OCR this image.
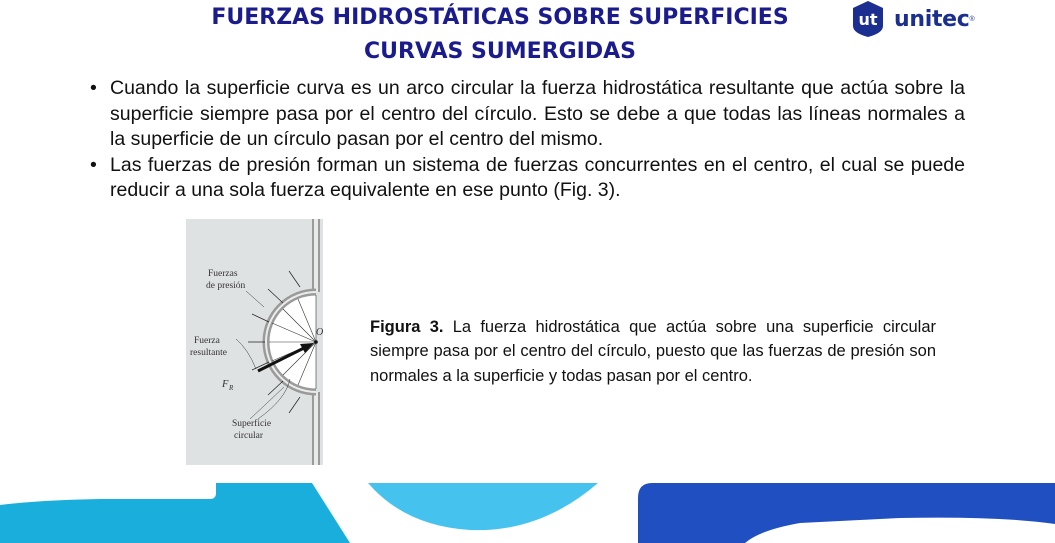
FUERZAS HIDROSTÁTICAS SOBRE SUPERFICIES
CURVAS SUMERGIDAS
ut unitec ®
• Cuando la superficie curva es un arco circular la fuerza hidrostática resultante que actúa sobre la superficie siempre pasa por el centro del círculo. Esto se debe a que todas las líneas normales a la superficie de un círculo pasan por el centro del mismo.
• Las fuerzas de presión forman un sistema de fuerzas concurrentes en el centro, el cual se puede reducir a una sola fuerza equivalente en ese punto (Fig. 3).
Fuerzas
de presión
Fuerza
resultante
F R
O
Superficie
circular

Figura 3. La fuerza hidrostática que actúa sobre una superficie circular siempre pasa por el centro del círculo, puesto que las fuerzas de presión son normales a la superficie y todas pasan por el centro.
